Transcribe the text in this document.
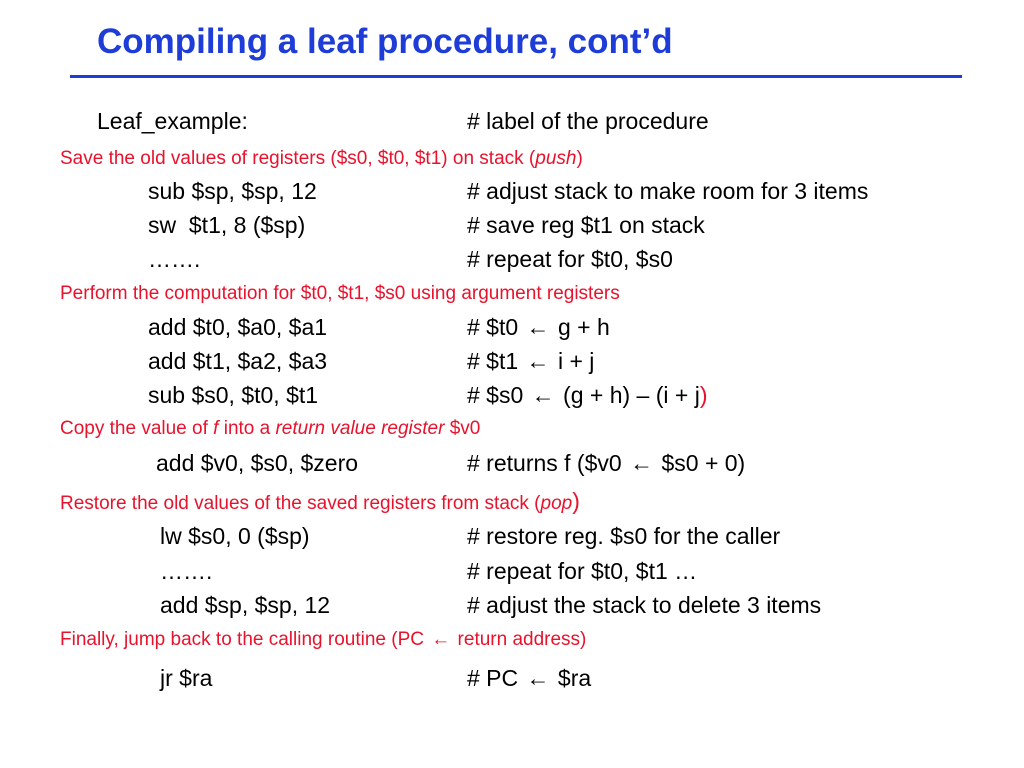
Compiling a leaf procedure, cont’d
Leaf_example:	# label of the procedure
Save the old values of registers ($s0, $t0, $t1) on stack (push)
sub $sp, $sp, 12	# adjust stack to make room for 3 items
sw  $t1, 8 ($sp)	# save reg $t1 on stack
…….	# repeat for $t0, $s0
Perform the computation for $t0, $t1, $s0 using argument registers
add $t0, $a0, $a1	# $t0 ← g + h
add $t1, $a2, $a3	# $t1 ← i + j
sub $s0, $t0, $t1	# $s0 ← (g + h) – (i + j)
Copy the value of f into a return value register $v0
add $v0, $s0, $zero	# returns f ($v0 ← $s0 + 0)
Restore the old values of the saved registers from stack (pop)
lw $s0, 0 ($sp)	# restore reg. $s0 for the caller
…….	# repeat for $t0, $t1 …
add $sp, $sp, 12	# adjust the stack to delete 3 items
Finally, jump back to the calling routine (PC ← return address)
jr $ra	# PC ← $ra
